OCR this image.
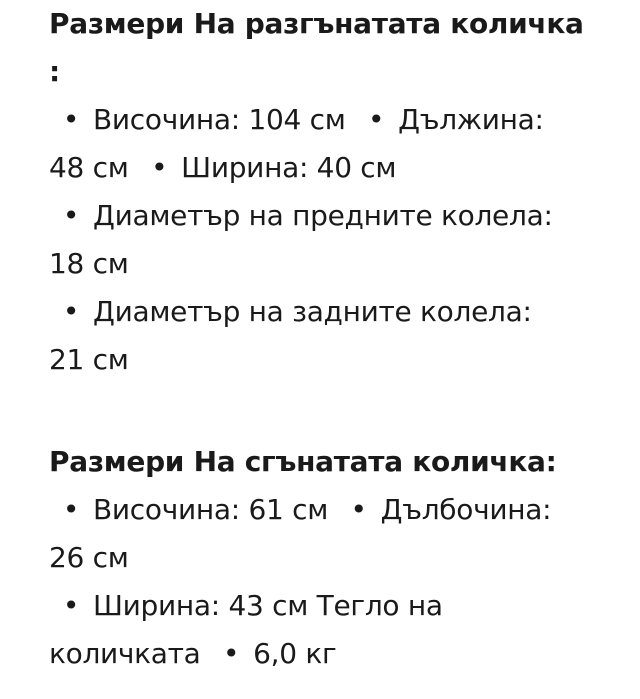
Размери На разгънатата количка
:
• Височина: 104 см • Дължина:
48 см • Ширина: 40 см
• Диаметър на предните колела:
18 см
• Диаметър на задните колела:
21 см
Размери На сгънатата количка:
• Височина: 61 см • Дълбочина:
26 см
• Ширина: 43 см Тегло на
количката • 6,0 кг
